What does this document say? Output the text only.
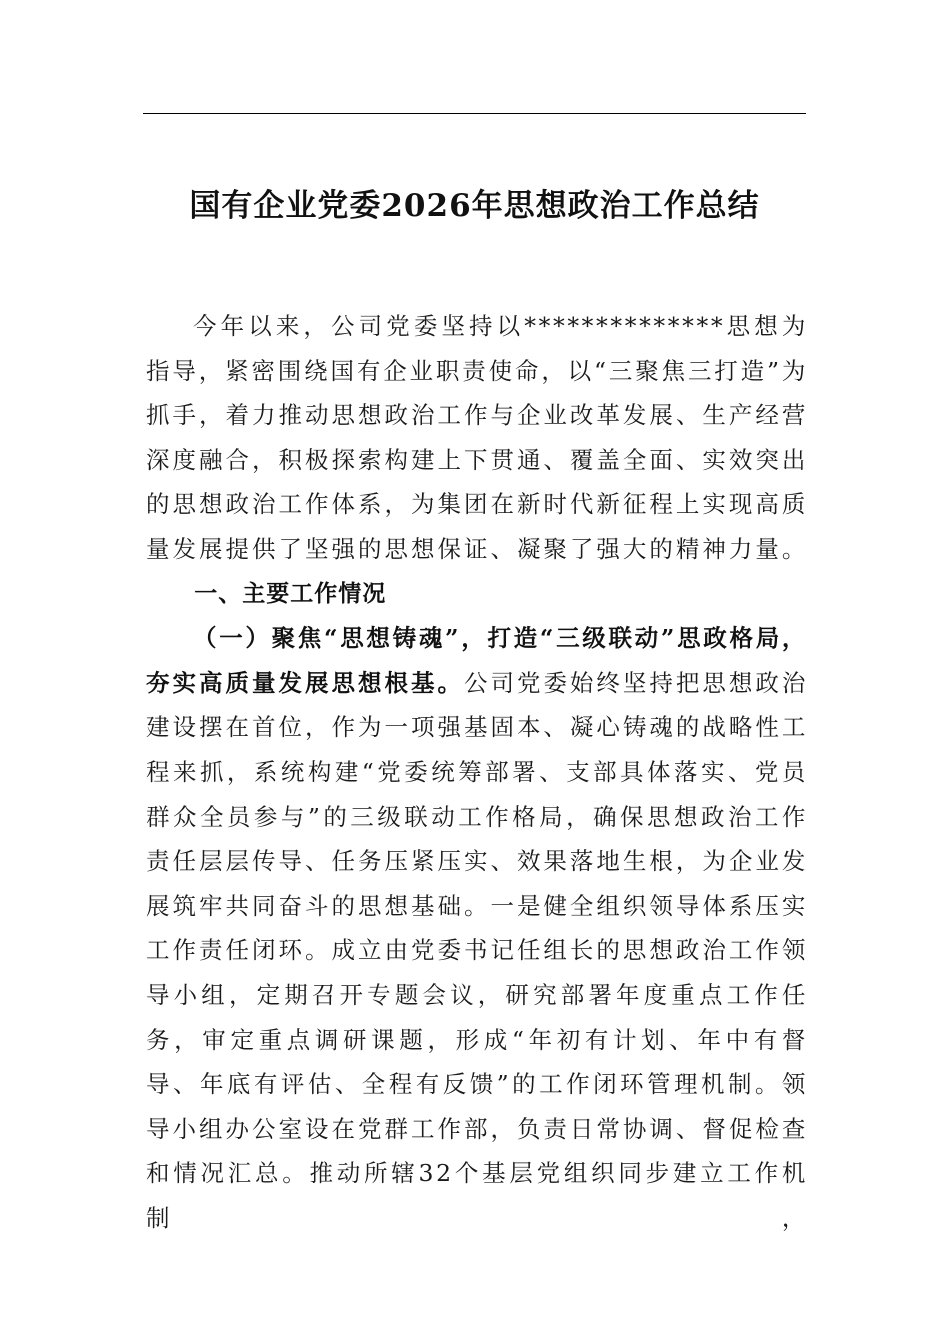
国有企业党委2026年思想政治工作总结

今年以来，公司党委坚持以**************思想为指导，紧密围绕国有企业职责使命，以“三聚焦三打造”为抓手，着力推动思想政治工作与企业改革发展、生产经营深度融合，积极探索构建上下贯通、覆盖全面、实效突出的思想政治工作体系，为集团在新时代新征程上实现高质量发展提供了坚强的思想保证、凝聚了强大的精神力量。

一、主要工作情况

（一）聚焦“思想铸魂”，打造“三级联动”思政格局，夯实高质量发展思想根基。公司党委始终坚持把思想政治建设摆在首位，作为一项强基固本、凝心铸魂的战略性工程来抓，系统构建“党委统筹部署、支部具体落实、党员群众全员参与”的三级联动工作格局，确保思想政治工作责任层层传导、任务压紧压实、效果落地生根，为企业发展筑牢共同奋斗的思想基础。一是健全组织领导体系压实工作责任闭环。成立由党委书记任组长的思想政治工作领导小组，定期召开专题会议，研究部署年度重点工作任务，审定重点调研课题，形成“年初有计划、年中有督导、年底有评估、全程有反馈”的工作闭环管理机制。领导小组办公室设在党群工作部，负责日常协调、督促检查和情况汇总。推动所辖32个基层党组织同步建立工作机制，
